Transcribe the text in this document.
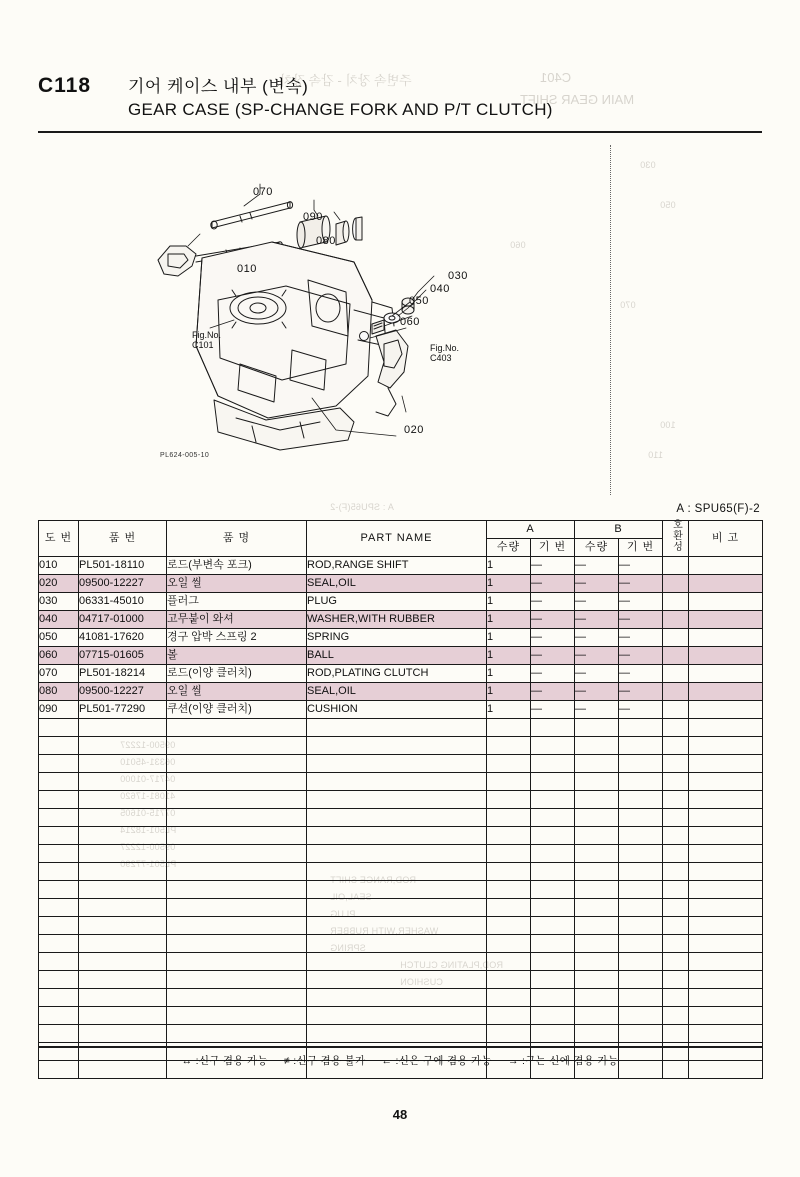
C401
주변속 장치 - 감속 장치
MAIN GEAR SHIFT
030
050
060
070
100
110
A : SPU65(F)-2
09500-12227
06331-45010
04717-01000
41081-17620
07715-01605
PL501-18214
09500-12227
PL501-77290
ROD,RANGE SHIFT
SEAL,OIL
PLUG
WASHER,WITH RUBBER
SPRING
ROD,PLATING CLUTCH
CUSHION
C118	기어 케이스 내부 (변속)
GEAR CASE (SP-CHANGE FORK AND P/T CLUTCH)
070
090
080
010
030
040
050
060
020
Fig.No.
C101	Fig.No.
C403
PL624-005-10
A : SPU65(F)-2
도 번	품 번	품 명	PART NAME	A		B		호환성	비 고
				수량	기 번	수량	기 번		
010	PL501-18110	로드(부변속 포크)	ROD,RANGE SHIFT	1	—	—	—		
020	09500-12227	오일 씰	SEAL,OIL	1	—	—	—		
030	06331-45010	플러그	PLUG	1	—	—	—		
040	04717-01000	고무붙이 와셔	WASHER,WITH RUBBER	1	—	—	—		
050	41081-17620	경구 압박 스프링 2	SPRING	1	—	—	—		
060	07715-01605	볼	BALL	1	—	—	—		
070	PL501-18214	로드(이양 클러치)	ROD,PLATING CLUTCH	1	—	—	—		
080	09500-12227	오일 씰	SEAL,OIL	1	—	—	—		
090	PL501-77290	쿠션(이양 클러치)	CUSHION	1	—	—	—		

↔ :신구 겸용 가능 ≠ :신구 겸용 불가 ← :신은 구에 겸용 가능 → :구는 신에 겸용 가능
48
